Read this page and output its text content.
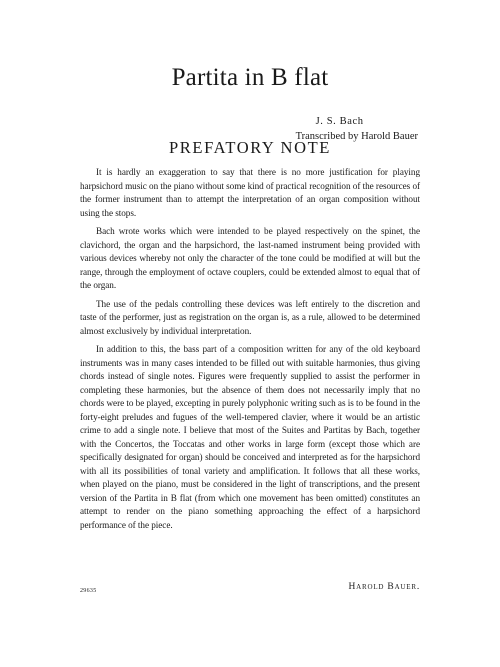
Partita in B flat
J. S. Bach
Transcribed by Harold Bauer
PREFATORY NOTE

It is hardly an exaggeration to say that there is no more justification for playing harpsichord music on the piano without some kind of practical recognition of the resources of the former instrument than to attempt the interpretation of an organ composition without using the stops.

Bach wrote works which were intended to be played respectively on the spinet, the clavichord, the organ and the harpsichord, the last-named instrument being provided with various devices whereby not only the character of the tone could be modified at will but the range, through the employment of octave couplers, could be extended almost to equal that of the organ.

The use of the pedals controlling these devices was left entirely to the discretion and taste of the performer, just as registration on the organ is, as a rule, allowed to be determined almost exclusively by individual interpretation.

In addition to this, the bass part of a composition written for any of the old keyboard instruments was in many cases intended to be filled out with suitable harmonies, thus giving chords instead of single notes. Figures were frequently supplied to assist the performer in completing these harmonies, but the absence of them does not necessarily imply that no chords were to be played, excepting in purely polyphonic writing such as is to be found in the forty-eight preludes and fugues of the well-tempered clavier, where it would be an artistic crime to add a single note. I believe that most of the Suites and Partitas by Bach, together with the Concertos, the Toccatas and other works in large form (except those which are specifically designated for organ) should be conceived and interpreted as for the harpsichord with all its possibilities of tonal variety and amplification. It follows that all these works, when played on the piano, must be considered in the light of transcriptions, and the present version of the Partita in B flat (from which one movement has been omitted) constitutes an attempt to render on the piano something approaching the effect of a harpsichord performance of the piece.

Harold Bauer.
29635
